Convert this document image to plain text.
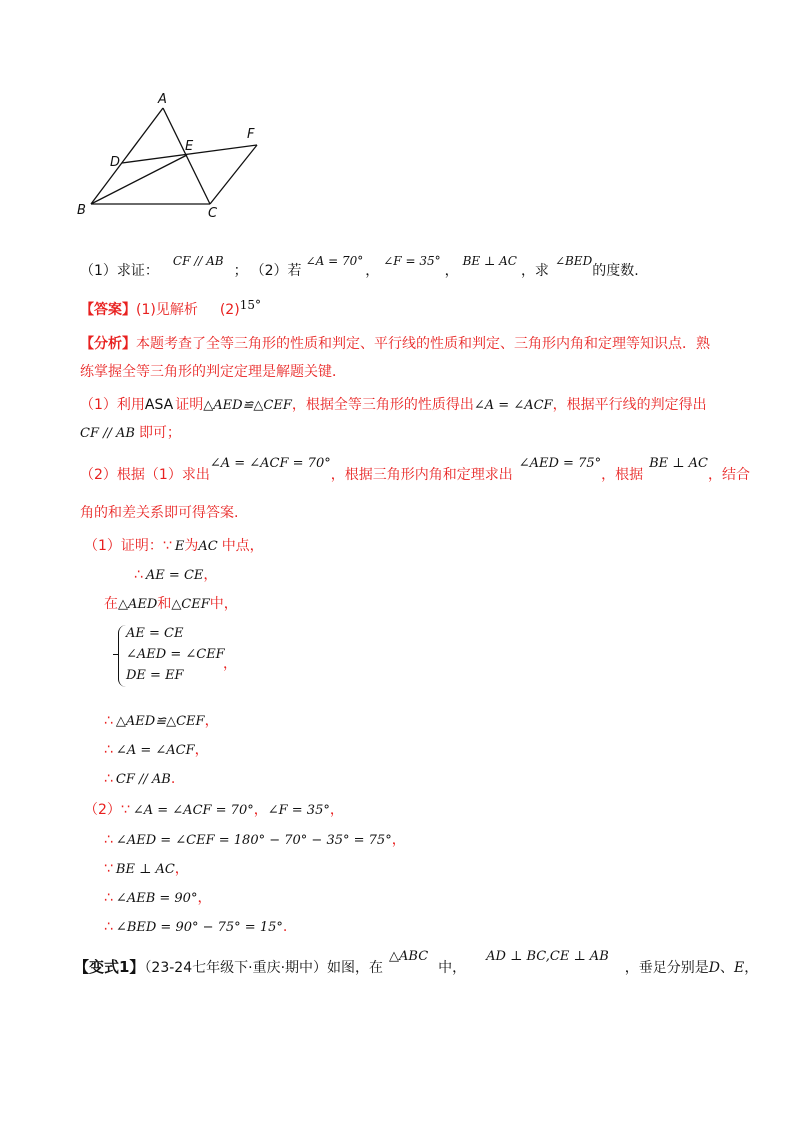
A
D
E
F
B	C
（1）求证：CF // AB； （2）若∠A = 70°，∠F = 35°，BE ⊥ AC，求∠BED的度数.
【答案】(1)见解析 (2)15°
【分析】本题考查了全等三角形的性质和判定、平行线的性质和判定、三角形内角和定理等知识点．熟
练掌握全等三角形的判定定理是解题关键．
（1）利用ASA 证明△AED≌△CEF，根据全等三角形的性质得出∠A = ∠ACF，根据平行线的判定得出
CF // AB 即可；
（2）根据（1）求出∠A = ∠ACF = 70°，根据三角形内角和定理求出∠AED = 75°，根据BE ⊥ AC，结合
角的和差关系即可得答案.
（1）证明：∵ E为AC 中点，
∴ AE = CE，
在△AED和△CEF中，
AE = CE
∠AED = ∠CEF
DE = EF
，
∴ △AED≌△CEF，
∴ ∠A = ∠ACF，
∴ CF // AB.
（2）∵ ∠A = ∠ACF = 70°，∠F = 35°，
∴ ∠AED = ∠CEF = 180° − 70° − 35° = 75°，
∵ BE ⊥ AC，
∴ ∠AEB = 90°，
∴ ∠BED = 90° − 75° = 15°.
【变式1】（23-24七年级下·重庆·期中）如图，在△ABC中，AD ⊥ BC,CE ⊥ AB，垂足分别是D、E，
